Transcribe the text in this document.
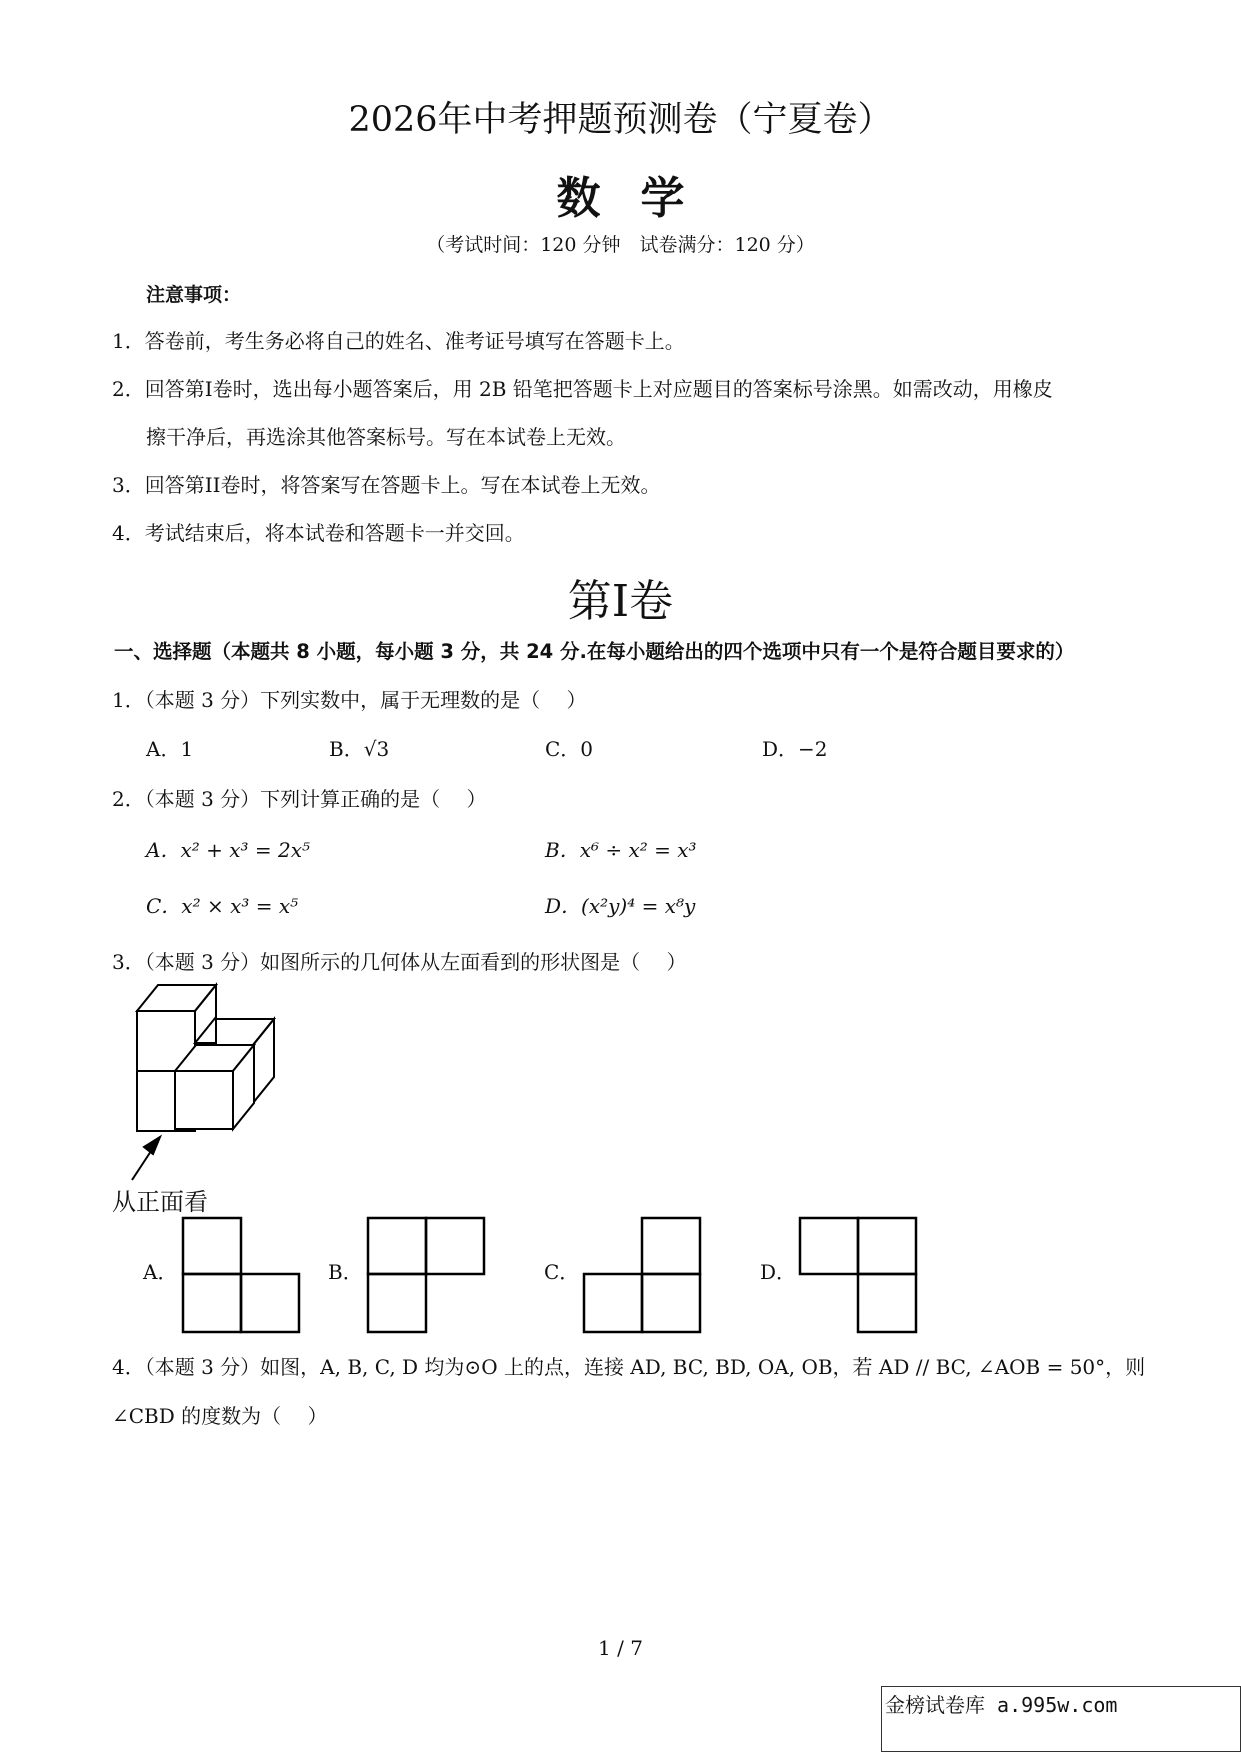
2026年中考押题预测卷（宁夏卷）
数学
（考试时间：120 分钟　试卷满分：120 分）
注意事项：
1．答卷前，考生务必将自己的姓名、准考证号填写在答题卡上。
2．回答第I卷时，选出每小题答案后，用 2B 铅笔把答题卡上对应题目的答案标号涂黑。如需改动，用橡皮
擦干净后，再选涂其他答案标号。写在本试卷上无效。
3．回答第II卷时，将答案写在答题卡上。写在本试卷上无效。
4．考试结束后，将本试卷和答题卡一并交回。
第I卷
一、选择题（本题共 8 小题，每小题 3 分，共 24 分.在每小题给出的四个选项中只有一个是符合题目要求的）
1．（本题 3 分）下列实数中，属于无理数的是（　 ）
A．1	B．√3	C．0	D．−2
2．（本题 3 分）下列计算正确的是（　 ）
A．x² + x³ = 2x⁵	B．x⁶ ÷ x² = x³
C．x² × x³ = x⁵	D．(x²y)⁴ = x⁸y
3．（本题 3 分）如图所示的几何体从左面看到的形状图是（　 ）
从正面看
A．	B．	C．	D．
4．（本题 3 分）如图，A, B, C, D 均为⊙O 上的点，连接 AD, BC, BD, OA, OB，若 AD // BC, ∠AOB = 50°，则
∠CBD 的度数为（　 ）
1 / 7
金榜试卷库 a.995w.com
